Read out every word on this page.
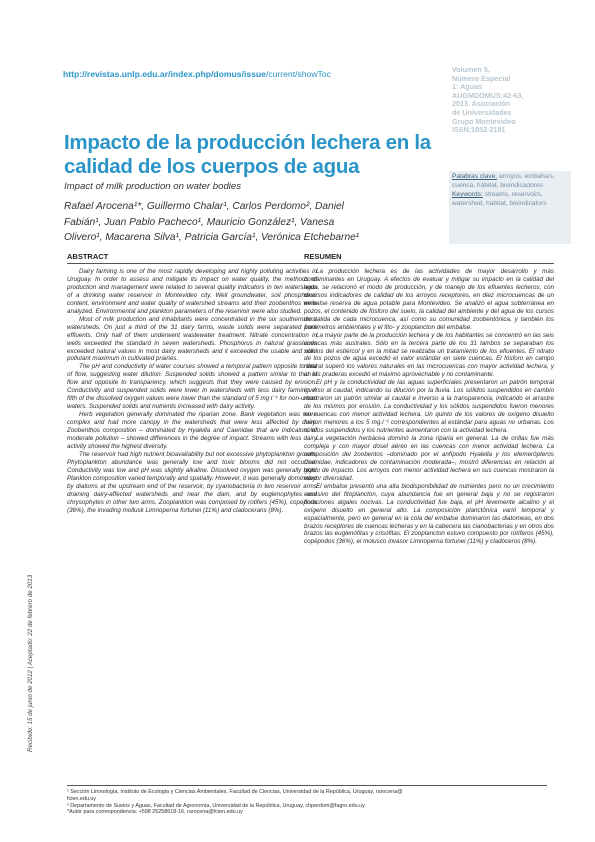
http://revistas.unlp.edu.ar/index.php/domus/issue/current/showToc	Volumen 5,
Número Especial
1: Aguas
AUGMDOMUS:42-63,
2013. Asociación
de Universidades
Grupo Montevideo
ISSN:1852-2181
Impacto de la producción lechera en la calidad de los cuerpos de agua
Impact of milk production on water bodies
Rafael Arocena¹*, Guillermo Chalar¹, Carlos Perdomo², Daniel
Fabián¹, Juan Pablo Pacheco¹, Mauricio González¹, Vanesa
Olivero¹, Macarena Silva¹, Patricia García¹, Verónica Etchebarne¹
Palabras clave: arroyos, embalses, cuenca, hábitat, bioindicadores
Keywords: streams, reservoirs, watershed, habitat, bioindicators
Recibido: 15 de junio de 2012 | Aceptado: 22 de febrero de 2013
ABSTRACT

Dairy farming is one of the most rapidly developing and highly polluting activities in Uruguay. In order to assess and mitigate its impact on water quality, the methods of production and management were related to several quality indicators in ten watersheds of a drinking water reservoir in Montevideo city. Well groundwater, soil phosphorus content, environment and water quality of watershed streams and their zoobenthos were analyzed. Environmental and plankton parameters of the reservoir were also studied.

Most of milk production and inhabitants were concentrated in the six southernmost watersheds. On just a third of the 31 dairy farms, waste solids were separated from effluents. Only half of them underwent wastewater treatment. Nitrate concentration in wells exceeded the standard in seven watersheds. Phosphorus in natural grasslands exceeded natural values in most dairy watersheds and it exceeded the usable and non-pollutant maximum in cultivated prairies.

The pH and conductivity of water courses showed a temporal pattern opposite to that of flow, suggesting water dilution. Suspended solids showed a pattern similar to that of flow and opposite to transparency, which suggests that they were caused by erosion. Conductivity and suspended solids were lower in watersheds with less dairy farming. A fifth of the dissolved oxygen values were lower than the standard of 5 mg l⁻¹ for non-urban waters. Suspended solids and nutrients increased with dairy activity.

Herb vegetation generally dominated the riparian zone. Bank vegetation was more complex and had more canopy in the watersheds that were less affected by dairy. Zoobenthos composition – dominated by Hyalella and Caenidae that are indicators of moderate pollution – showed differences in the degree of impact. Streams with less dairy activity showed the highest diversity.

The reservoir had high nutrient bioavailability but not excessive phytoplankton growth. Phytoplankton abundance was generally low and toxic blooms did not occurred. Conductivity was low and pH was slightly alkaline. Dissolved oxygen was generally high. Plankton composition varied temporally and spatially. However, it was generally dominated by diatoms at the upstream end of the reservoir, by cyanobacteria in two reservoir arms draining dairy-affected watersheds and near the dam, and by euglenophytes and chrysophytes in other two arms. Zooplankton was composed by rotifers (45%), copepods (36%), the invading mollusk Limnoperna fortunei (11%) and cladocerans (8%).

RESUMEN

La producción lechera es de las actividades de mayor desarrollo y más contaminantes en Uruguay. A efectos de evaluar y mitigar su impacto en la calidad del agua, se relacionó el modo de producción, y de manejo de los efluentes lecheros, con diversos indicadores de calidad de los arroyos receptores, en diez microcuencas de un embalse reserva de agua potable para Montevideo. Se analizó el agua subterránea en pozos, el contenido de fósforo del suelo, la calidad del ambiente y del agua de los cursos de salida de cada microcuenca, así como su comunidad zoobentónica, y también los parámetros ambientales y el fito- y zooplancton del embalse.

La mayor parte de la producción lechera y de los habitantes se concentró en las seis cuencas más australes. Sólo en la tercera parte de los 31 tambos se separaban los sólidos del estiércol y en la mitad se realizaba un tratamiento de los efluentes. El nitrato de los pozos de agua excedió el valor estándar en siete cuencas. El fósforo en campo natural superó los valores naturales en las microcuencas con mayor actividad lechera, y en las praderas excedió el máximo aprovechable y no contaminante.

El pH y la conductividad de las aguas superficiales presentaron un patrón temporal inverso al caudal, indicando su dilución por la lluvia. Los sólidos suspendidos en cambio mostraron un patrón similar al caudal e inverso a la transparencia, indicando el arrastre de los mismos por erosión. La conductividad y los sólidos suspendidos fueron menores en cuencas con menor actividad lechera. Un quinto de los valores de oxígeno disuelto fueron menores a los 5 mg.l⁻¹ correspondientes al estándar para aguas no urbanas. Los sólidos suspendidos y los nutrientes aumentaron con la actividad lechera.

La vegetación herbácea dominó la zona riparia en general. La de orillas fue más compleja y con mayor dosel aéreo en las cuencas con menor actividad lechera. La composición del zoobentos –dominado por el anfípodo Hyalella y los efemerópteros Caenidae, indicadores de contaminación moderada–, mostró diferencias en relación al grado de impacto. Los arroyos con menor actividad lechera en sus cuencas mostraron la mayor diversidad.

El embalse presentó una alta biodisponibilidad de nutrientes pero no un crecimiento excesivo del fitoplancton, cuya abundancia fue en general baja y no se registraron floraciones algales nocivas. La conductividad fue baja, el pH levemente alcalino y el oxígeno disuelto en general alto. La composición planctónica varió temporal y espacialmente, pero en general en la cola del embalse dominaron las diatomeas, en dos brazos receptores de cuencas lecheras y en la cabecera las cianobacterias y en otros dos brazos las euglenófitas y crisófitas. El zooplancton estuvo compuesto por rotíferos (45%), copépodos (36%), el molusco invasor Limnoperna fortunei (11%) y cladóceros (8%).

¹ Sección Limnología, Instituto de Ecología y Ciencias Ambientales, Facultad de Ciencias, Universidad de la República, Uruguay, rarocena@
fcien.edu.uy
² Departamento de Suelos y Aguas, Facultad de Agronomía, Universidad de la República, Uruguay, chperdom@fagro.edu.uy
*Autor para correspondencia: +598 25258618-16, rarocena@fcien.edu.uy
